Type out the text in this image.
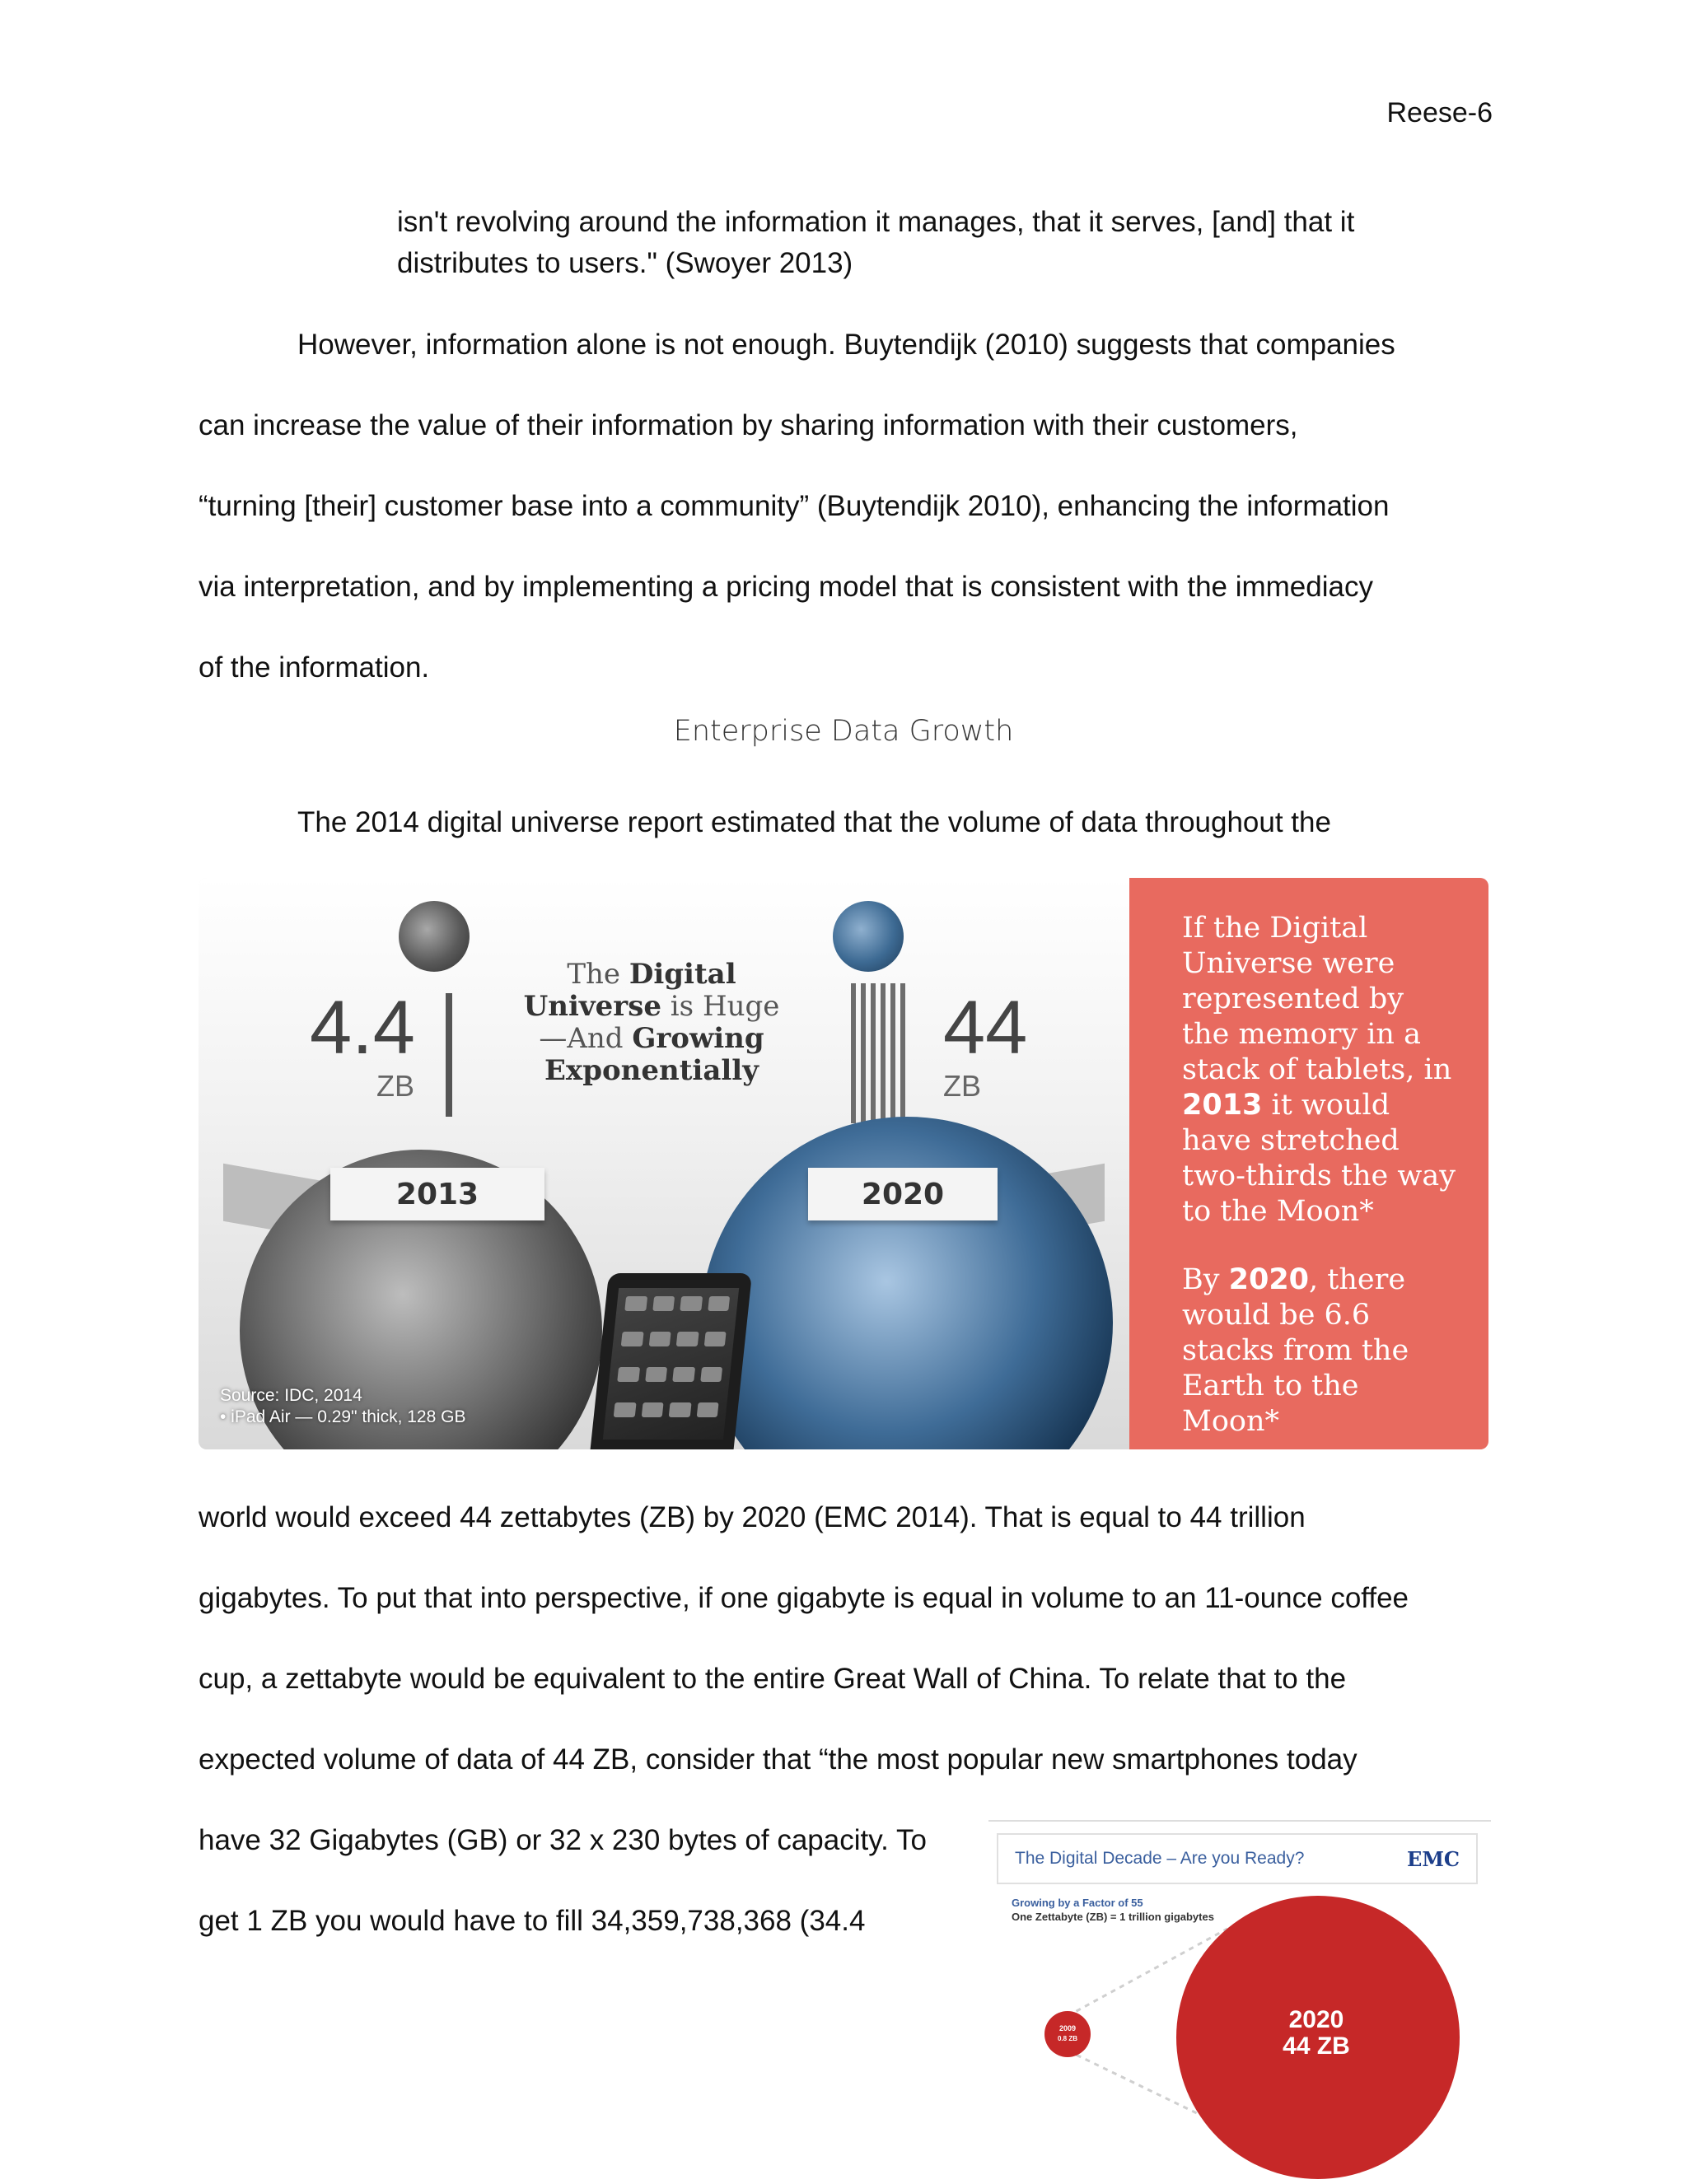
Reese-6
isn't revolving around the information it manages, that it serves, [and] that it
distributes to users." (Swoyer 2013)

However, information alone is not enough. Buytendijk (2010) suggests that companies
can increase the value of their information by sharing information with their customers,
“turning [their] customer base into a community” (Buytendijk 2010), enhancing the information
via interpretation, and by implementing a pricing model that is consistent with the immediacy
of the information.

Enterprise Data Growth

The 2014 digital universe report estimated that the volume of data throughout the

4.4
ZB
44
ZB
The Digital
Universe is Huge
—And Growing
Exponentially
2013	2020
Source: IDC, 2014
• iPad Air — 0.29" thick, 128 GB

If the Digital Universe were represented by the memory in a stack of tablets, in 2013 it would have stretched two-thirds the way to the Moon*

By 2020, there would be 6.6 stacks from the Earth to the Moon*

world would exceed 44 zettabytes (ZB) by 2020 (EMC 2014). That is equal to 44 trillion
gigabytes. To put that into perspective, if one gigabyte is equal in volume to an 11-ounce coffee
cup, a zettabyte would be equivalent to the entire Great Wall of China. To relate that to the
expected volume of data of 44 ZB, consider that “the most popular new smartphones today
have 32 Gigabytes (GB) or 32 x 230 bytes of capacity. To
get 1 ZB you would have to fill 34,359,738,368 (34.4

2009
0.8 ZB
2020
44 ZB
The Digital Decade – Are you Ready?	EMC
Growing by a Factor of 55
One Zettabyte (ZB) = 1 trillion gigabytes
